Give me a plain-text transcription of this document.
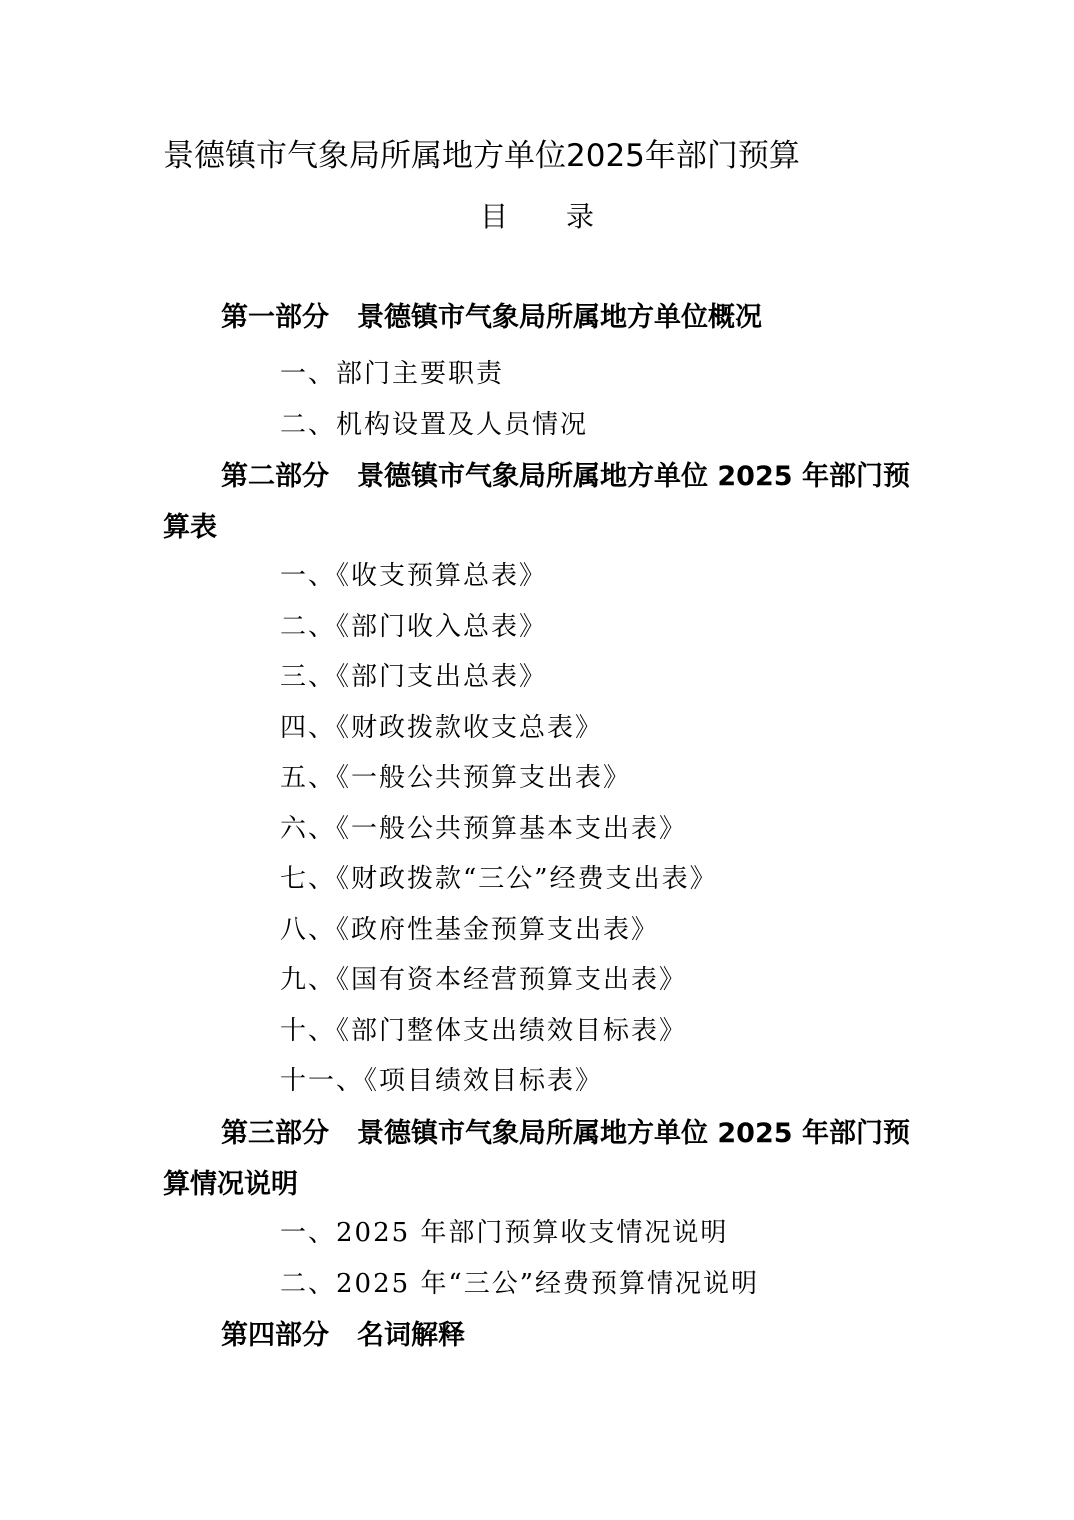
景德镇市气象局所属地方单位2025年部门预算
目 录
第一部分 景德镇市气象局所属地方单位概况
一、部门主要职责
二、机构设置及人员情况
第二部分 景德镇市气象局所属地方单位 2025 年部门预算表
一、《收支预算总表》
二、《部门收入总表》
三、《部门支出总表》
四、《财政拨款收支总表》
五、《一般公共预算支出表》
六、《一般公共预算基本支出表》
七、《财政拨款“三公”经费支出表》
八、《政府性基金预算支出表》
九、《国有资本经营预算支出表》
十、《部门整体支出绩效目标表》
十一、《项目绩效目标表》
第三部分 景德镇市气象局所属地方单位 2025 年部门预算情况说明
一、2025 年部门预算收支情况说明
二、2025 年“三公”经费预算情况说明
第四部分 名词解释
